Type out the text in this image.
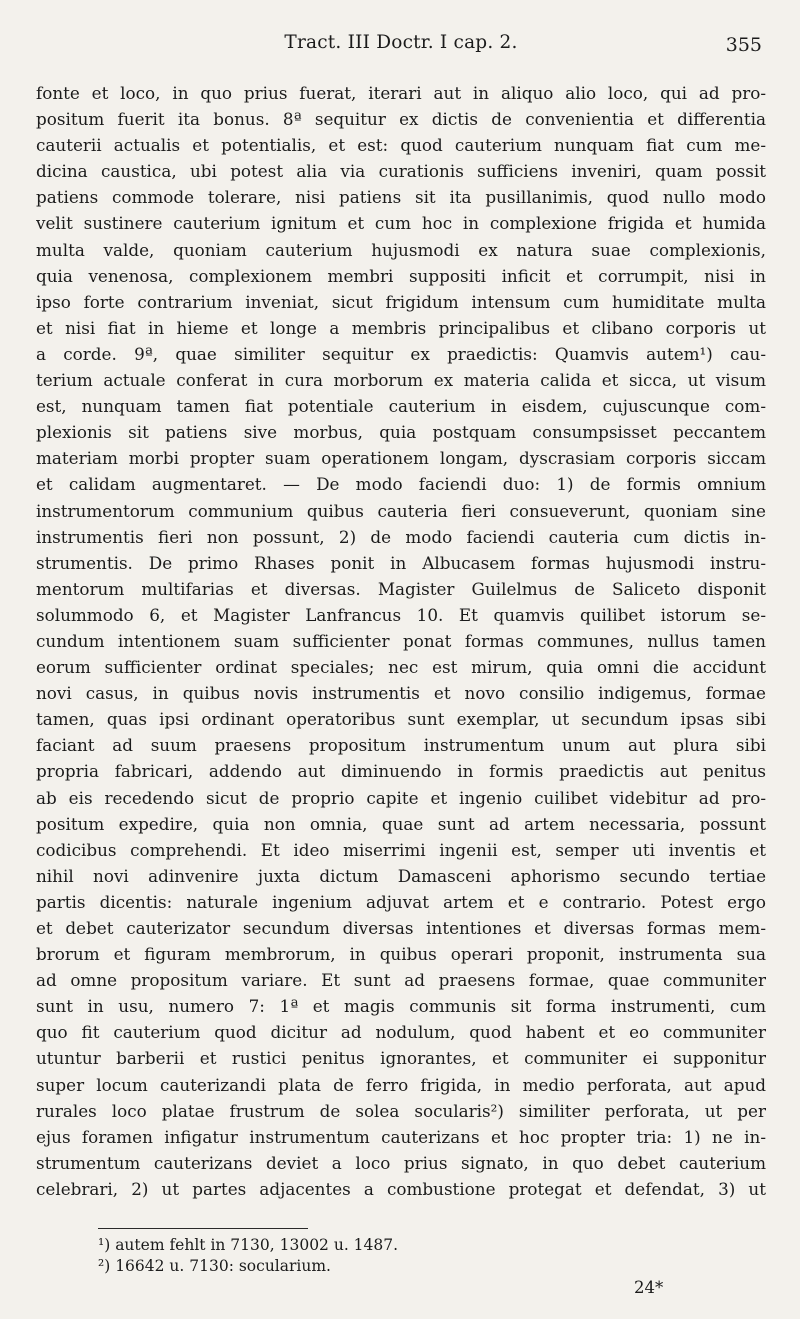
Tract. III Doctr. I cap. 2.	355
fonte et loco, in quo prius fuerat, iterari aut in aliquo alio loco, qui ad pro-
positum fuerit ita bonus. 8ª sequitur ex dictis de convenientia et differentia
cauterii actualis et potentialis, et est: quod cauterium nunquam fiat cum me-
dicina caustica, ubi potest alia via curationis sufficiens inveniri, quam possit
patiens commode tolerare, nisi patiens sit ita pusillanimis, quod nullo modo
velit sustinere cauterium ignitum et cum hoc in complexione frigida et humida
multa valde, quoniam cauterium hujusmodi ex natura suae complexionis,
quia venenosa, complexionem membri suppositi inficit et corrumpit, nisi in
ipso forte contrarium inveniat, sicut frigidum intensum cum humiditate multa
et nisi fiat in hieme et longe a membris principalibus et clibano corporis ut
a corde. 9ª, quae similiter sequitur ex praedictis: Quamvis autem¹) cau-
terium actuale conferat in cura morborum ex materia calida et sicca, ut visum
est, nunquam tamen fiat potentiale cauterium in eisdem, cujuscunque com-
plexionis sit patiens sive morbus, quia postquam consumpsisset peccantem
materiam morbi propter suam operationem longam, dyscrasiam corporis siccam
et calidam augmentaret. — De modo faciendi duo: 1) de formis omnium
instrumentorum communium quibus cauteria fieri consueverunt, quoniam sine
instrumentis fieri non possunt, 2) de modo faciendi cauteria cum dictis in-
strumentis. De primo Rhases ponit in Albucasem formas hujusmodi instru-
mentorum multifarias et diversas. Magister Guilelmus de Saliceto disponit
solummodo 6, et Magister Lanfrancus 10. Et quamvis quilibet istorum se-
cundum intentionem suam sufficienter ponat formas communes, nullus tamen
eorum sufficienter ordinat speciales; nec est mirum, quia omni die accidunt
novi casus, in quibus novis instrumentis et novo consilio indigemus, formae
tamen, quas ipsi ordinant operatoribus sunt exemplar, ut secundum ipsas sibi
faciant ad suum praesens propositum instrumentum unum aut plura sibi
propria fabricari, addendo aut diminuendo in formis praedictis aut penitus
ab eis recedendo sicut de proprio capite et ingenio cuilibet videbitur ad pro-
positum expedire, quia non omnia, quae sunt ad artem necessaria, possunt
codicibus comprehendi. Et ideo miserrimi ingenii est, semper uti inventis et
nihil novi adinvenire juxta dictum Damasceni aphorismo secundo tertiae
partis dicentis: naturale ingenium adjuvat artem et e contrario. Potest ergo
et debet cauterizator secundum diversas intentiones et diversas formas mem-
brorum et figuram membrorum, in quibus operari proponit, instrumenta sua
ad omne propositum variare. Et sunt ad praesens formae, quae communiter
sunt in usu, numero 7: 1ª et magis communis sit forma instrumenti, cum
quo fit cauterium quod dicitur ad nodulum, quod habent et eo communiter
utuntur barberii et rustici penitus ignorantes, et communiter ei supponitur
super locum cauterizandi plata de ferro frigida, in medio perforata, aut apud
rurales loco platae frustrum de solea socularis²) similiter perforata, ut per
ejus foramen infigatur instrumentum cauterizans et hoc propter tria: 1) ne in-
strumentum cauterizans deviet a loco prius signato, in quo debet cauterium
celebrari, 2) ut partes adjacentes a combustione protegat et defendat, 3) ut
¹) autem fehlt in 7130, 13002 u. 1487.
²) 16642 u. 7130: socularium.
24*
